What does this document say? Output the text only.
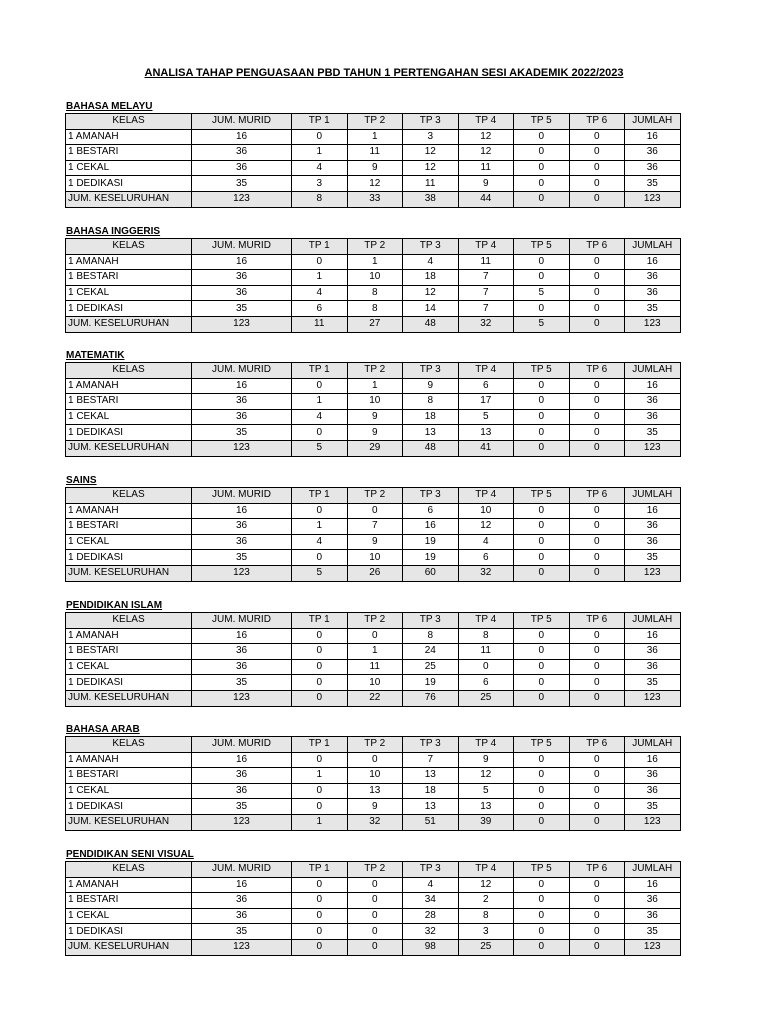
ANALISA TAHAP PENGUASAAN PBD TAHUN 1 PERTENGAHAN SESI AKADEMIK 2022/2023
BAHASA MELAYU
KELAS	JUM. MURID	TP 1	TP 2	TP 3	TP 4	TP 5	TP 6	JUMLAH
1 AMANAH	16	0	1	3	12	0	0	16
1 BESTARI	36	1	11	12	12	0	0	36
1 CEKAL	36	4	9	12	11	0	0	36
1 DEDIKASI	35	3	12	11	9	0	0	35
JUM. KESELURUHAN	123	8	33	38	44	0	0	123
BAHASA INGGERIS
KELAS	JUM. MURID	TP 1	TP 2	TP 3	TP 4	TP 5	TP 6	JUMLAH
1 AMANAH	16	0	1	4	11	0	0	16
1 BESTARI	36	1	10	18	7	0	0	36
1 CEKAL	36	4	8	12	7	5	0	36
1 DEDIKASI	35	6	8	14	7	0	0	35
JUM. KESELURUHAN	123	11	27	48	32	5	0	123
MATEMATIK
KELAS	JUM. MURID	TP 1	TP 2	TP 3	TP 4	TP 5	TP 6	JUMLAH
1 AMANAH	16	0	1	9	6	0	0	16
1 BESTARI	36	1	10	8	17	0	0	36
1 CEKAL	36	4	9	18	5	0	0	36
1 DEDIKASI	35	0	9	13	13	0	0	35
JUM. KESELURUHAN	123	5	29	48	41	0	0	123
SAINS
KELAS	JUM. MURID	TP 1	TP 2	TP 3	TP 4	TP 5	TP 6	JUMLAH
1 AMANAH	16	0	0	6	10	0	0	16
1 BESTARI	36	1	7	16	12	0	0	36
1 CEKAL	36	4	9	19	4	0	0	36
1 DEDIKASI	35	0	10	19	6	0	0	35
JUM. KESELURUHAN	123	5	26	60	32	0	0	123
PENDIDIKAN ISLAM
KELAS	JUM. MURID	TP 1	TP 2	TP 3	TP 4	TP 5	TP 6	JUMLAH
1 AMANAH	16	0	0	8	8	0	0	16
1 BESTARI	36	0	1	24	11	0	0	36
1 CEKAL	36	0	11	25	0	0	0	36
1 DEDIKASI	35	0	10	19	6	0	0	35
JUM. KESELURUHAN	123	0	22	76	25	0	0	123
BAHASA ARAB
KELAS	JUM. MURID	TP 1	TP 2	TP 3	TP 4	TP 5	TP 6	JUMLAH
1 AMANAH	16	0	0	7	9	0	0	16
1 BESTARI	36	1	10	13	12	0	0	36
1 CEKAL	36	0	13	18	5	0	0	36
1 DEDIKASI	35	0	9	13	13	0	0	35
JUM. KESELURUHAN	123	1	32	51	39	0	0	123
PENDIDIKAN SENI VISUAL
KELAS	JUM. MURID	TP 1	TP 2	TP 3	TP 4	TP 5	TP 6	JUMLAH
1 AMANAH	16	0	0	4	12	0	0	16
1 BESTARI	36	0	0	34	2	0	0	36
1 CEKAL	36	0	0	28	8	0	0	36
1 DEDIKASI	35	0	0	32	3	0	0	35
JUM. KESELURUHAN	123	0	0	98	25	0	0	123
